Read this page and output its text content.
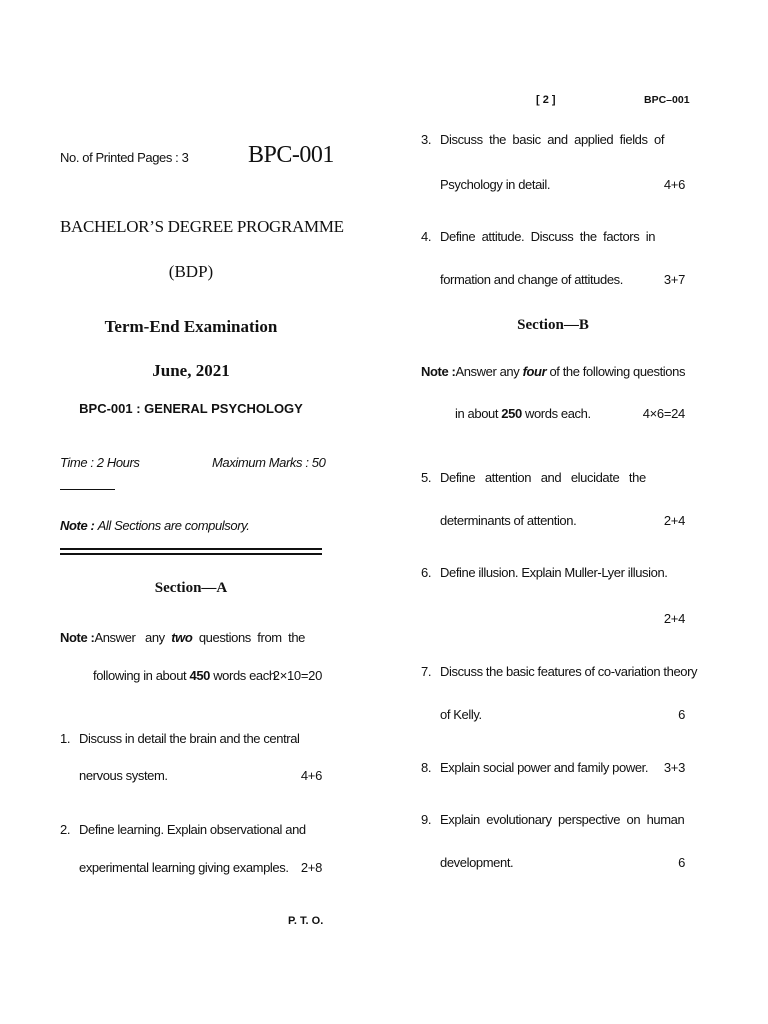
No. of Printed Pages : 3 BPC-001
BACHELOR’S DEGREE PROGRAMME
(BDP)
Term-End Examination
June, 2021
BPC-001 : GENERAL PSYCHOLOGY
Time : 2 Hours	Maximum Marks : 50
Note : All Sections are compulsory.
Section—A
Note :Answer   any  two  questions  from  the
following in about 450 words each.
2×10=20
1. Discuss in detail the brain and the central
nervous system.	4+6
2. Define learning. Explain observational and
experimental learning giving examples. 2+8
P. T. O.
[ 2 ]	BPC–001
3. Discuss  the  basic  and  applied  fields  of
Psychology in detail.	4+6
4. Define  attitude.  Discuss  the  factors  in
formation and change of attitudes.	3+7
Section—B
Note :Answer any four of the following questions
in about 250 words each.	4×6=24
5. Define   attention   and   elucidate   the
determinants of attention.	2+4
6. Define illusion. Explain Muller-Lyer illusion.
2+4
7. Discuss the basic features of co-variation theory
of Kelly.	6
8. Explain social power and family power.	3+3
9. Explain  evolutionary  perspective  on  human
development.	6
